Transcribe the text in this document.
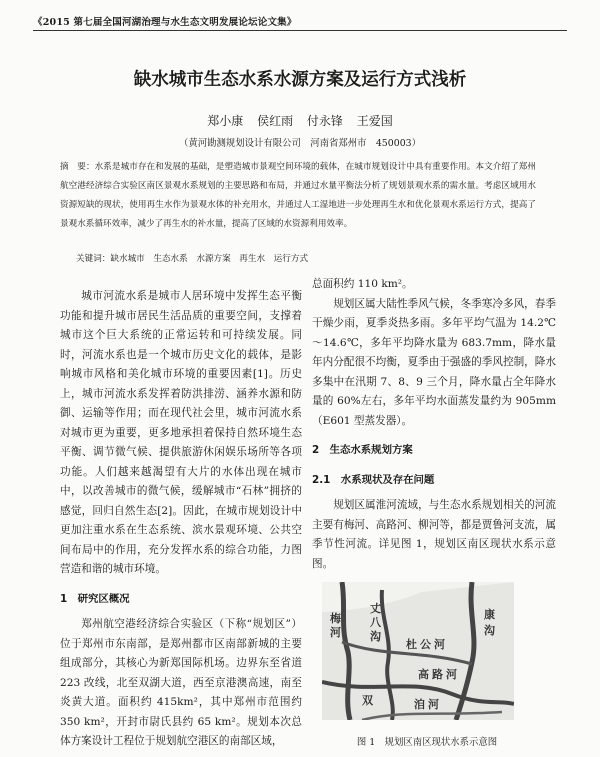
《2015 第七届全国河湖治理与水生态文明发展论坛论文集》
缺水城市生态水系水源方案及运行方式浅析
郑小康 侯红雨 付永锋 王爱国
（黄河勘测规划设计有限公司　河南省郑州市　450003）
摘　要：水系是城市存在和发展的基础，是塑造城市景观空间环境的载体，在城市规划设计中具有重要作用。本文介绍了郑州航空港经济综合实验区南区景观水系规划的主要思路和布局，并通过水量平衡法分析了规划景观水系的需水量。考虑区域用水资源短缺的现状，使用再生水作为景观水体的补充用水，并通过人工湿地进一步处理再生水和优化景观水系运行方式，提高了景观水系循环效率，减少了再生水的补水量，提高了区域的水资源利用效率。
关键词：缺水城市　生态水系　水源方案　再生水　运行方式

城市河流水系是城市人居环境中发挥生态平衡功能和提升城市居民生活品质的重要空间，支撑着城市这个巨大系统的正常运转和可持续发展。同时，河流水系也是一个城市历史文化的载体，是影响城市风格和美化城市环境的重要因素[1]。历史上，城市河流水系发挥着防洪排涝、涵养水源和防御、运输等作用；而在现代社会里，城市河流水系对城市更为重要，更多地承担着保持自然环境生态平衡、调节微气候、提供旅游休闲娱乐场所等各项功能。人们越来越渴望有大片的水体出现在城市中，以改善城市的微气候，缓解城市“石林”拥挤的感觉，回归自然生态[2]。因此，在城市规划设计中更加注重水系在生态系统、滨水景观环境、公共空间布局中的作用，充分发挥水系的综合功能，力图营造和谐的城市环境。

1　研究区概况

郑州航空港经济综合实验区（下称“规划区”）位于郑州市东南部，是郑州都市区南部新城的主要组成部分，其核心为新郑国际机场。边界东至省道 223 改线，北至双湖大道，西至京港澳高速，南至炎黄大道。面积约 415km²，其中郑州市范围约 350 km²，开封市尉氏县约 65 km²。规划本次总体方案设计工程位于规划航空港区的南部区域，

总面积约 110 km²。

规划区属大陆性季风气候，冬季寒冷多风，春季干燥少雨，夏季炎热多雨。多年平均气温为 14.2℃～14.6℃，多年平均降水量为 683.7mm，降水量年内分配很不均衡，夏季由于强盛的季风控制，降水多集中在汛期 7、8、9 三个月，降水量占全年降水量的 60%左右，多年平均水面蒸发量约为 905mm（E601 型蒸发器）。

2　生态水系规划方案
2.1　水系现状及存在问题

规划区属淮河流域，与生态水系规划相关的河流主要有梅河、高路河、柳河等，都是贾鲁河支流，属季节性河流。详见图 1，规划区南区现状水系示意图。

梅
河
丈
八
沟
康
沟
杜 公 河
高 路 河
双	洎 河
图 1　规划区南区现状水系示意图
